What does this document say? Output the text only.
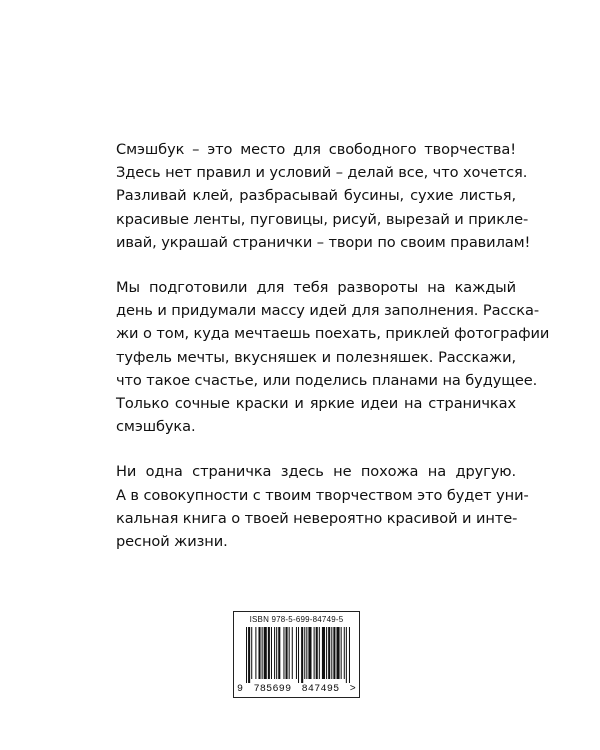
Смэшбук – это место для свободного творчества!
Здесь нет правил и условий – делай все, что хочется.
Разливай клей, разбрасывай бусины, сухие листья,
красивые ленты, пуговицы, рисуй, вырезай и прикле-
ивай, украшай странички – твори по своим правилам!

Мы подготовили для тебя развороты на каждый
день и придумали массу идей для заполнения. Расска-
жи о том, куда мечтаешь поехать, приклей фотографии
туфель мечты, вкусняшек и полезняшек. Расскажи,
что такое счастье, или поделись планами на будущее.
Только сочные краски и яркие идеи на страничках
смэшбука.

Ни одна страничка здесь не похожа на другую.
А в совокупности с твоим творчеством это будет уни-
кальная книга о твоей невероятно красивой и инте-
ресной жизни.

ISBN 978-5-699-84749-5
9 785699 847495 >
